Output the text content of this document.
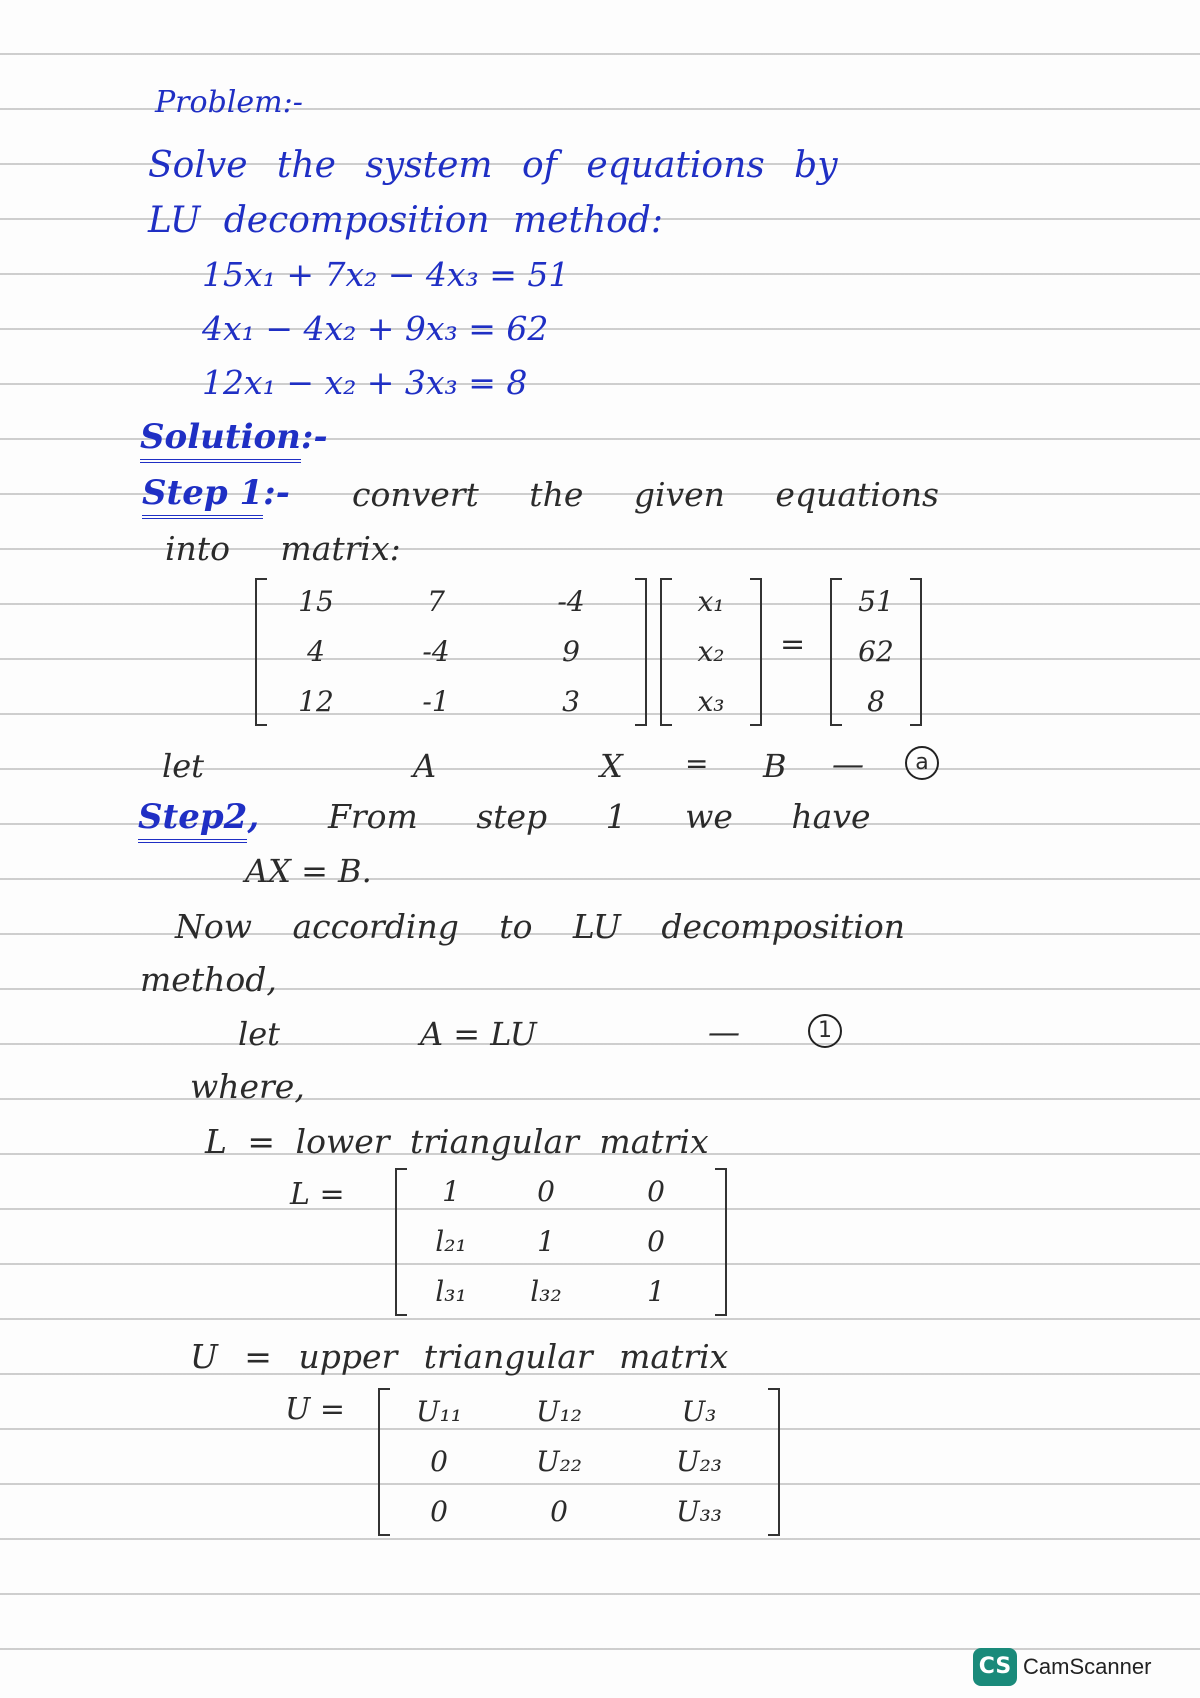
Problem:-
Solve the system of equations by
LU decomposition method:
15x₁ + 7x₂ − 4x₃ = 51
4x₁ − 4x₂ + 9x₃ = 62
12x₁ − x₂ + 3x₃ = 8
Solution:-
Step 1:- convert the given equations
into matrix:
15	7	-4
4	-4	9
12	-1	3
x₁
x₂
x₃
=
51
62
8
let	A	X = B —	a
Step2, From step 1 we have
AX = B.
Now according to LU decomposition
method,
let	A = LU	—	1
where,
L = lower triangular matrix
L =	1	0	0
l₂₁	1	0
l₃₁	l₃₂	1
U = upper triangular matrix
U =	U₁₁	U₁₂	U₃
0	U₂₂	U₂₃
0	0	U₃₃
CS CamScanner
